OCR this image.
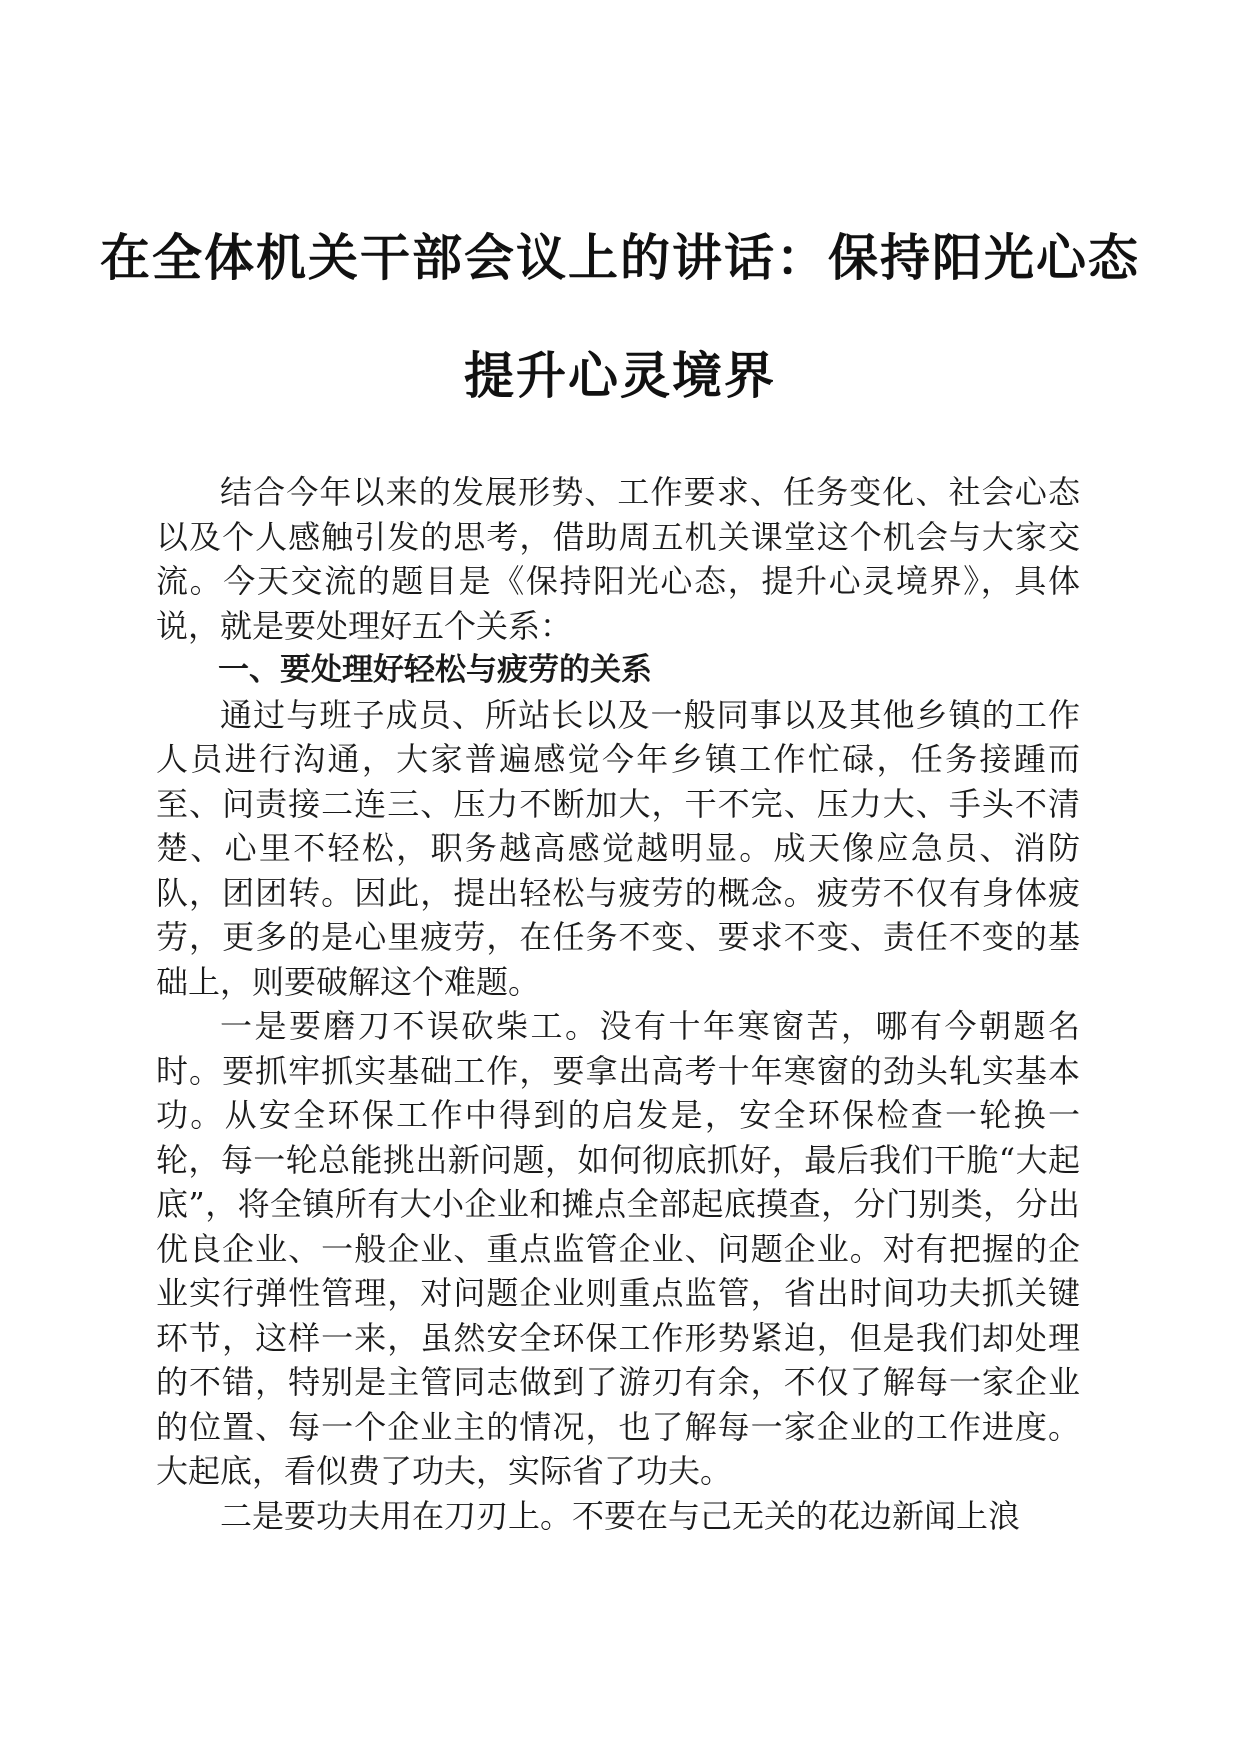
在全体机关干部会议上的讲话：保持阳光心态
提升心灵境界

结合今年以来的发展形势、工作要求、任务变化、社会心态以及个人感触引发的思考，借助周五机关课堂这个机会与大家交流。今天交流的题目是《保持阳光心态，提升心灵境界》，具体说，就是要处理好五个关系：

一、要处理好轻松与疲劳的关系

通过与班子成员、所站长以及一般同事以及其他乡镇的工作人员进行沟通，大家普遍感觉今年乡镇工作忙碌，任务接踵而至、问责接二连三、压力不断加大，干不完、压力大、手头不清楚、心里不轻松，职务越高感觉越明显。成天像应急员、消防队，团团转。因此，提出轻松与疲劳的概念。疲劳不仅有身体疲劳，更多的是心里疲劳，在任务不变、要求不变、责任不变的基础上，则要破解这个难题。

一是要磨刀不误砍柴工。没有十年寒窗苦，哪有今朝题名时。要抓牢抓实基础工作，要拿出高考十年寒窗的劲头轧实基本功。从安全环保工作中得到的启发是，安全环保检查一轮换一轮，每一轮总能挑出新问题，如何彻底抓好，最后我们干脆“大起底”，将全镇所有大小企业和摊点全部起底摸查，分门别类，分出优良企业、一般企业、重点监管企业、问题企业。对有把握的企业实行弹性管理，对问题企业则重点监管，省出时间功夫抓关键环节，这样一来，虽然安全环保工作形势紧迫，但是我们却处理的不错，特别是主管同志做到了游刃有余，不仅了解每一家企业的位置、每一个企业主的情况，也了解每一家企业的工作进度。大起底，看似费了功夫，实际省了功夫。

二是要功夫用在刀刃上。不要在与己无关的花边新闻上浪
